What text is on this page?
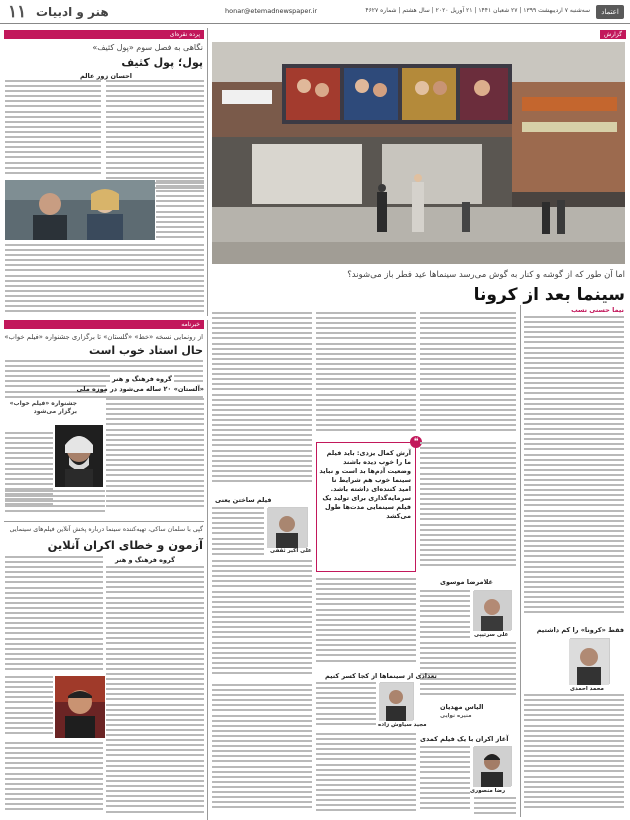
۱۱ هنر و ادبیات	honar@etemadnewspaper.ir	سه‌شنبه ۷ اردیبهشت ۱۳۹۹ | ۲۷ شعبان ۱۴۴۱ | ۲۱ آوریل ۲۰۲۰ | سال هشتم | شماره ۴۶۲۷	اعتماد
گزارش
اما آن طور که از گوشه و کنار به گوش می‌رسد سینماها عید فطر باز می‌شوند؟
سینما بعد از کرونا
پرده نقره‌ای
نگاهی به فصل سوم «پول کثیف»
پول؛ پول کثیف
احسان زور عالم
خبرنامه
از رونمایی نسخه «خط» «گلستان» تا برگزاری جشنواره «فیلم خواب»
حال استاد خوب است
گروه فرهنگ و هنر
«آلستان» ۲۰ ساله می‌شود در موزه ملی
جشنواره «فیلم خواب» برگزار می‌شود
گپی با سلمان ساکی، تهیه‌کننده سینما درباره پخش آنلاین فیلم‌های سینمایی
آزمون و خطای اکران آنلاین
گروه فرهنگ و هنر
نیما حسنی نسب
فقط «کرونا» را کم داشتیم
محمد احمدی
آرش کمال یزدی: باید فیلم ما را خوب دیده باشند وضعیت آدم‌ها بد است و نباید سینما خوب هم شرایط نا امید کننده‌ای داشته باشد. سرمایه‌گذاری برای تولید یک فیلم سینمایی مدت‌ها طول می‌کشد
❝
فیلم ساختن یعنی
علی اکبر ثقفی
غلامرضا موسوی
علی سرتیپی
تعدادی از سینماها از کجا کسر کنیم
مجید سیاوش زاده
الیاس مهدیان
منیره نوایی
آغاز اکران با یک فیلم کمدی
رضا منصوری
